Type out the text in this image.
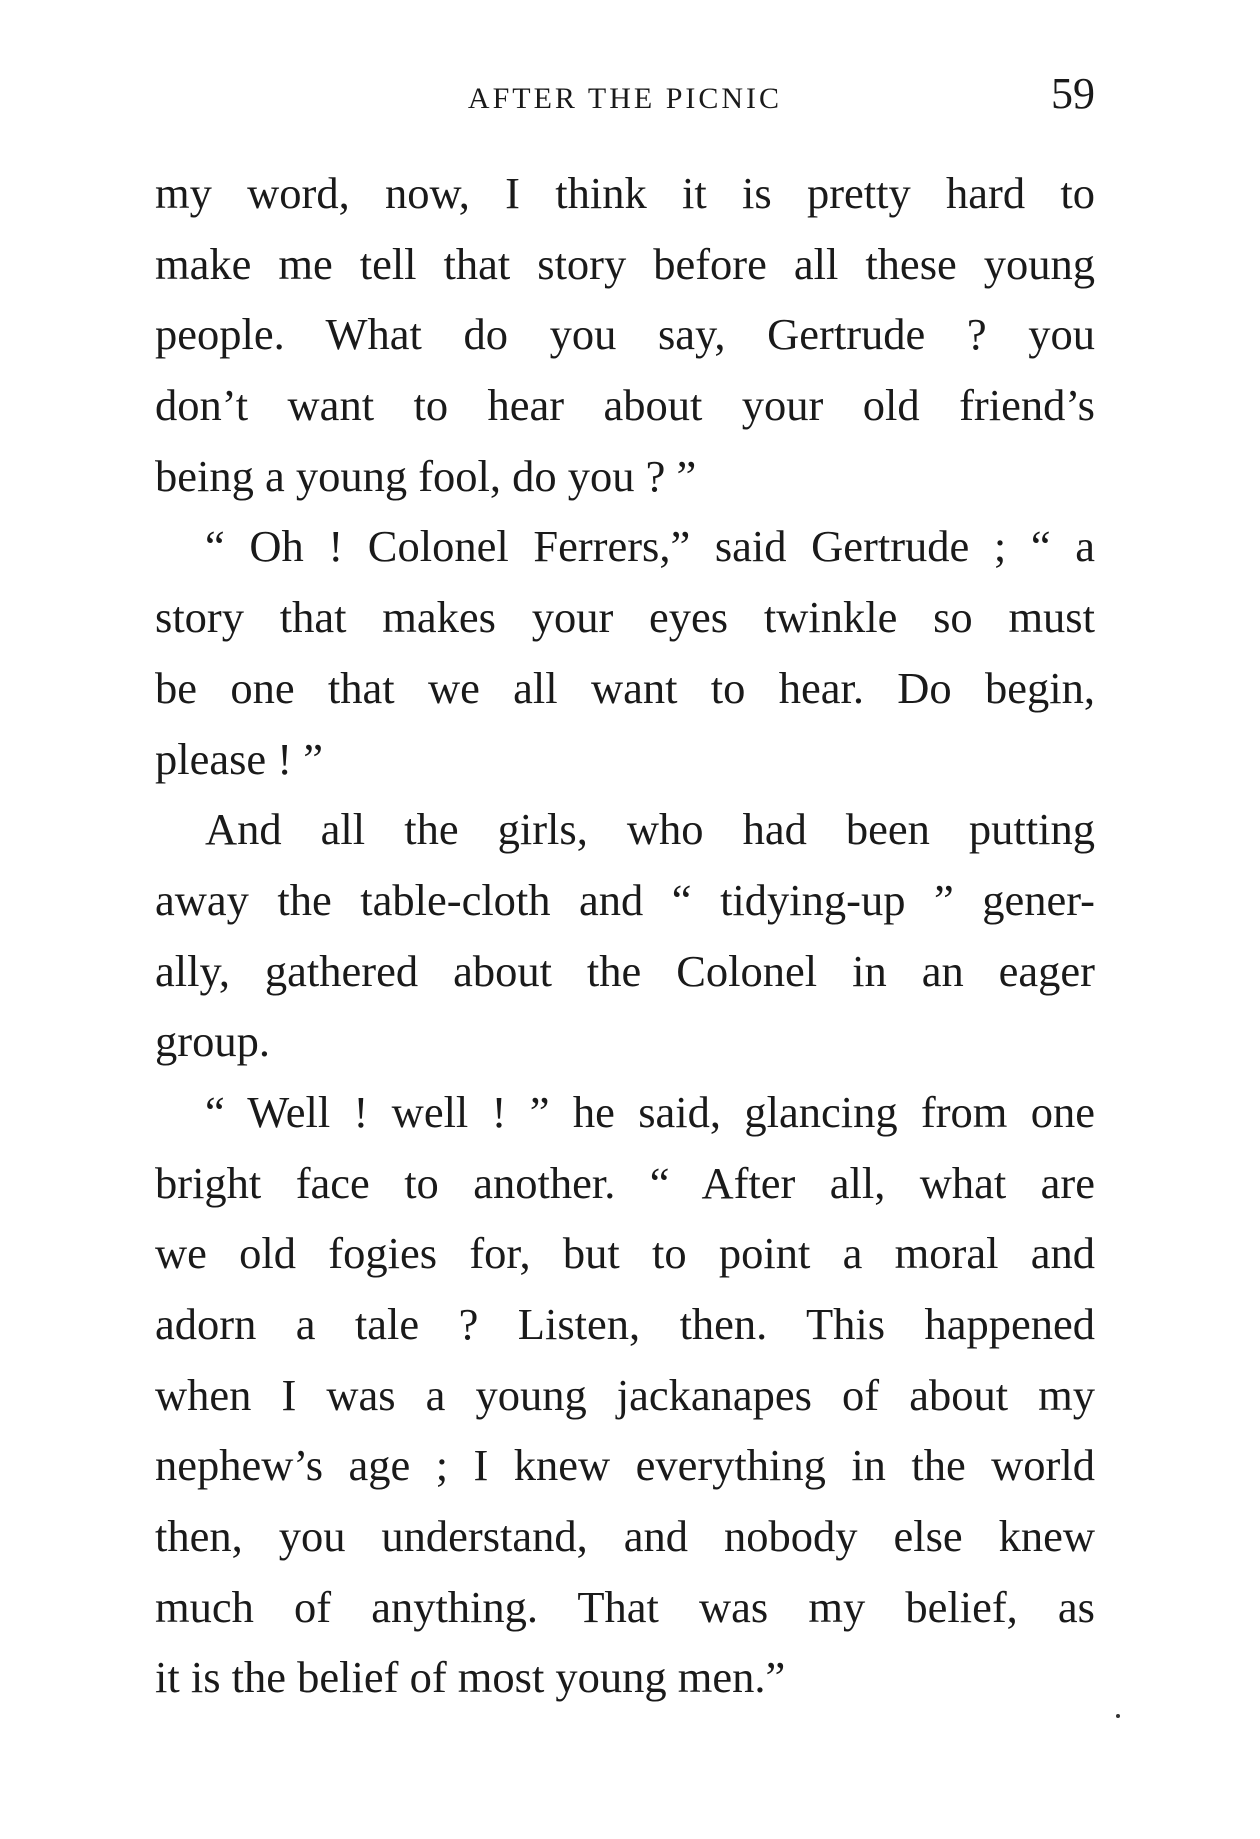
AFTER THE PICNIC	59
my word, now, I think it is pretty hard to
make me tell that story before all these young
people. What do you say, Gertrude ? you
don’t want to hear about your old friend’s
being a young fool, do you ? ”
“ Oh ! Colonel Ferrers,” said Gertrude ; “ a
story that makes your eyes twinkle so must
be one that we all want to hear. Do begin,
please ! ”
And all the girls, who had been putting
away the table-cloth and “ tidying-up ” gener-
ally, gathered about the Colonel in an eager
group.
“ Well ! well ! ” he said, glancing from one
bright face to another. “ After all, what are
we old fogies for, but to point a moral and
adorn a tale ? Listen, then. This happened
when I was a young jackanapes of about my
nephew’s age ; I knew everything in the world
then, you understand, and nobody else knew
much of anything. That was my belief, as
it is the belief of most young men.”
